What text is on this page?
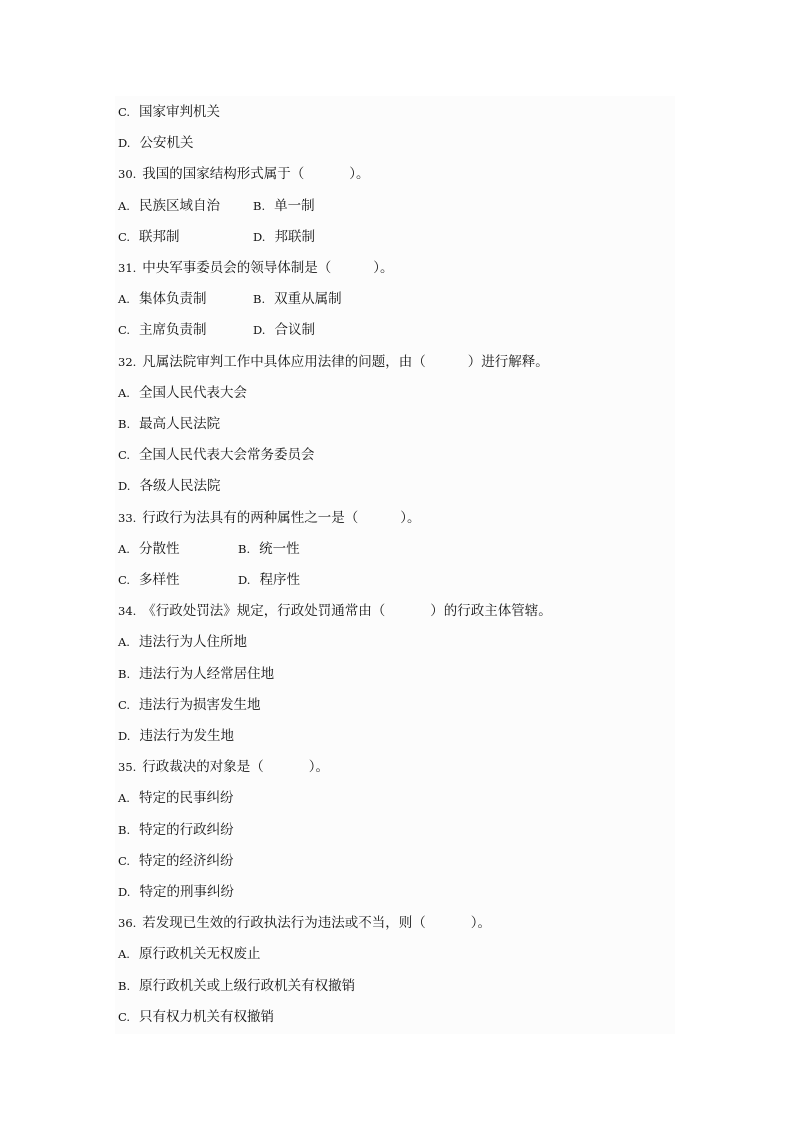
C. 国家审判机关
D. 公安机关
30. 我国的国家结构形式属于（	）。
A. 民族区域自治	B. 单一制
C. 联邦制	D. 邦联制
31. 中央军事委员会的领导体制是（	）。
A. 集体负责制	B. 双重从属制
C. 主席负责制	D. 合议制
32. 凡属法院审判工作中具体应用法律的问题，由（	）进行解释。
A. 全国人民代表大会
B. 最高人民法院
C. 全国人民代表大会常务委员会
D. 各级人民法院
33. 行政行为法具有的两种属性之一是（	）。
A. 分散性	B. 统一性
C. 多样性	D. 程序性
34. 《行政处罚法》规定，行政处罚通常由（	）的行政主体管辖。
A. 违法行为人住所地
B. 违法行为人经常居住地
C. 违法行为损害发生地
D. 违法行为发生地
35. 行政裁决的对象是（	）。
A. 特定的民事纠纷
B. 特定的行政纠纷
C. 特定的经济纠纷
D. 特定的刑事纠纷
36. 若发现已生效的行政执法行为违法或不当，则（	）。
A. 原行政机关无权废止
B. 原行政机关或上级行政机关有权撤销
C. 只有权力机关有权撤销
